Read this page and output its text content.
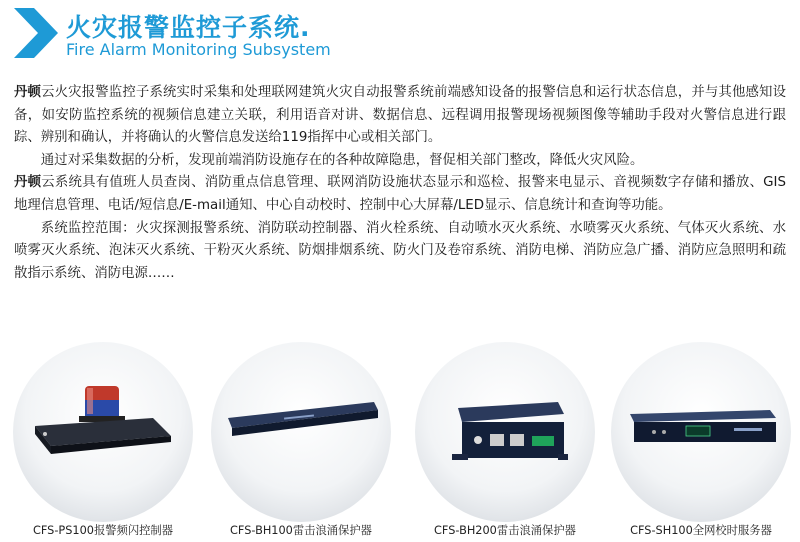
火灾报警监控子系统.
Fire Alarm Monitoring Subsystem

丹顿云火灾报警监控子系统实时采集和处理联网建筑火灾自动报警系统前端感知设备的报警信息和运行状态信息，并与其他感知设备，如安防监控系统的视频信息建立关联，利用语音对讲、数据信息、远程调用报警现场视频图像等辅助手段对火警信息进行跟踪、辨别和确认，并将确认的火警信息发送给119指挥中心或相关部门。

通过对采集数据的分析，发现前端消防设施存在的各种故障隐患，督促相关部门整改，降低火灾风险。

丹顿云系统具有值班人员查岗、消防重点信息管理、联网消防设施状态显示和巡检、报警来电显示、音视频数字存储和播放、GIS地理信息管理、电话/短信息/E-mail通知、中心自动校时、控制中心大屏幕/LED显示、信息统计和查询等功能。

系统监控范围：火灾探测报警系统、消防联动控制器、消火栓系统、自动喷水灭火系统、水喷雾灭火系统、气体灭火系统、水喷雾灭火系统、泡沫灭火系统、干粉灭火系统、防烟排烟系统、防火门及卷帘系统、消防电梯、消防应急广播、消防应急照明和疏散指示系统、消防电源……

CFS-PS100报警频闪控制器	CFS-BH100雷击浪涌保护器	CFS-BH200雷击浪涌保护器	CFS-SH100全网校时服务器
